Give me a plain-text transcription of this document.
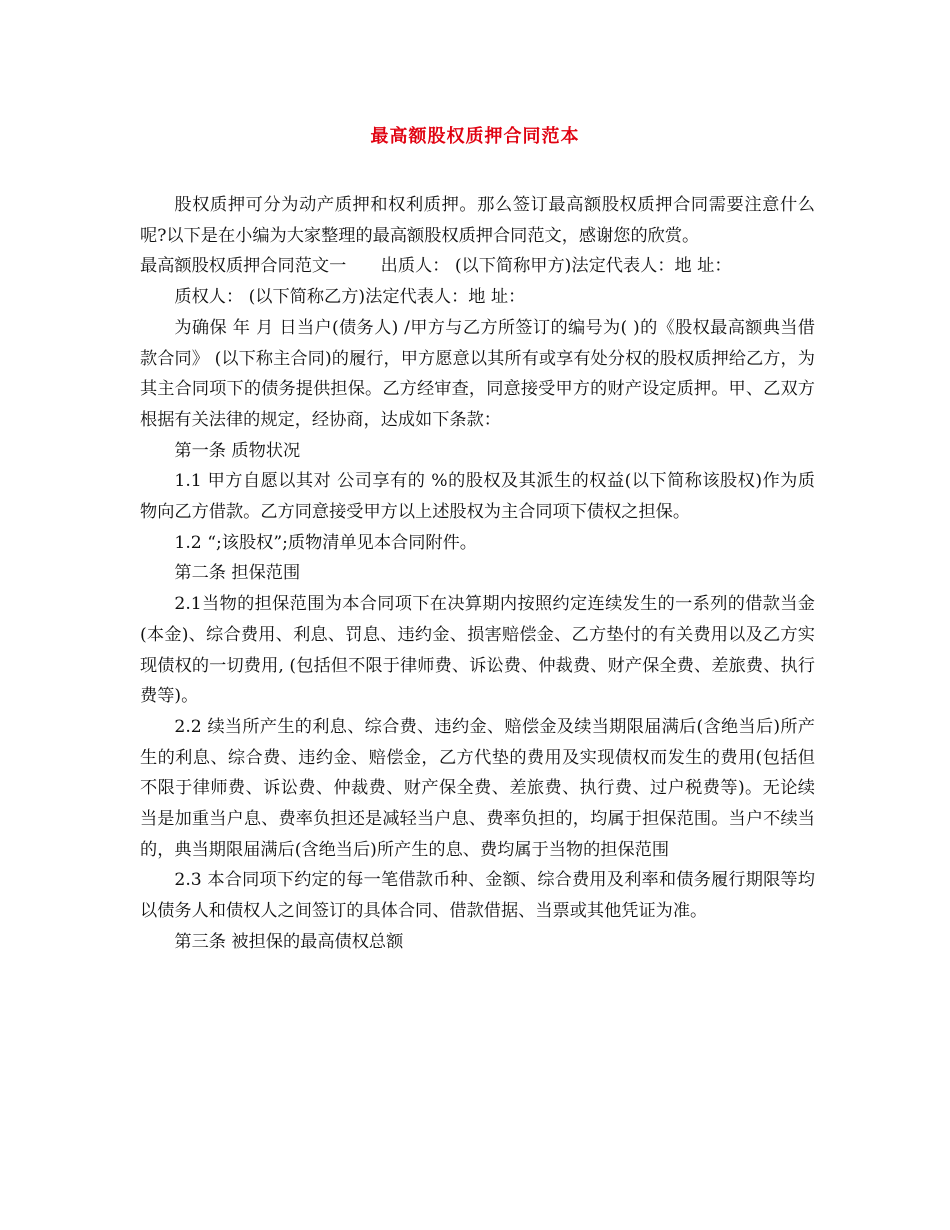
最高额股权质押合同范本

股权质押可分为动产质押和权利质押。那么签订最高额股权质押合同需要注意什么呢?以下是在小编为大家整理的最高额股权质押合同范文，感谢您的欣赏。

最高额股权质押合同范文一　　出质人： (以下简称甲方)法定代表人：地 址：

质权人： (以下简称乙方)法定代表人：地 址：

为确保 年 月 日当户(债务人) /甲方与乙方所签订的编号为( )的《股权最高额典当借款合同》 (以下称主合同)的履行，甲方愿意以其所有或享有处分权的股权质押给乙方，为其主合同项下的债务提供担保。乙方经审查，同意接受甲方的财产设定质押。甲、乙双方根据有关法律的规定，经协商，达成如下条款：

第一条 质物状况

1.1 甲方自愿以其对 公司享有的 %的股权及其派生的权益(以下简称该股权)作为质物向乙方借款。乙方同意接受甲方以上述股权为主合同项下债权之担保。

1.2 “;该股权”;质物清单见本合同附件。

第二条 担保范围

2.1当物的担保范围为本合同项下在决算期内按照约定连续发生的一系列的借款当金(本金)、综合费用、利息、罚息、违约金、损害赔偿金、乙方垫付的有关费用以及乙方实现债权的一切费用, (包括但不限于律师费、诉讼费、仲裁费、财产保全费、差旅费、执行费等)。

2.2 续当所产生的利息、综合费、违约金、赔偿金及续当期限届满后(含绝当后)所产生的利息、综合费、违约金、赔偿金，乙方代垫的费用及实现债权而发生的费用(包括但不限于律师费、诉讼费、仲裁费、财产保全费、差旅费、执行费、过户税费等)。无论续当是加重当户息、费率负担还是减轻当户息、费率负担的，均属于担保范围。当户不续当的，典当期限届满后(含绝当后)所产生的息、费均属于当物的担保范围

2.3 本合同项下约定的每一笔借款币种、金额、综合费用及利率和债务履行期限等均以债务人和债权人之间签订的具体合同、借款借据、当票或其他凭证为准。

第三条 被担保的最高债权总额
